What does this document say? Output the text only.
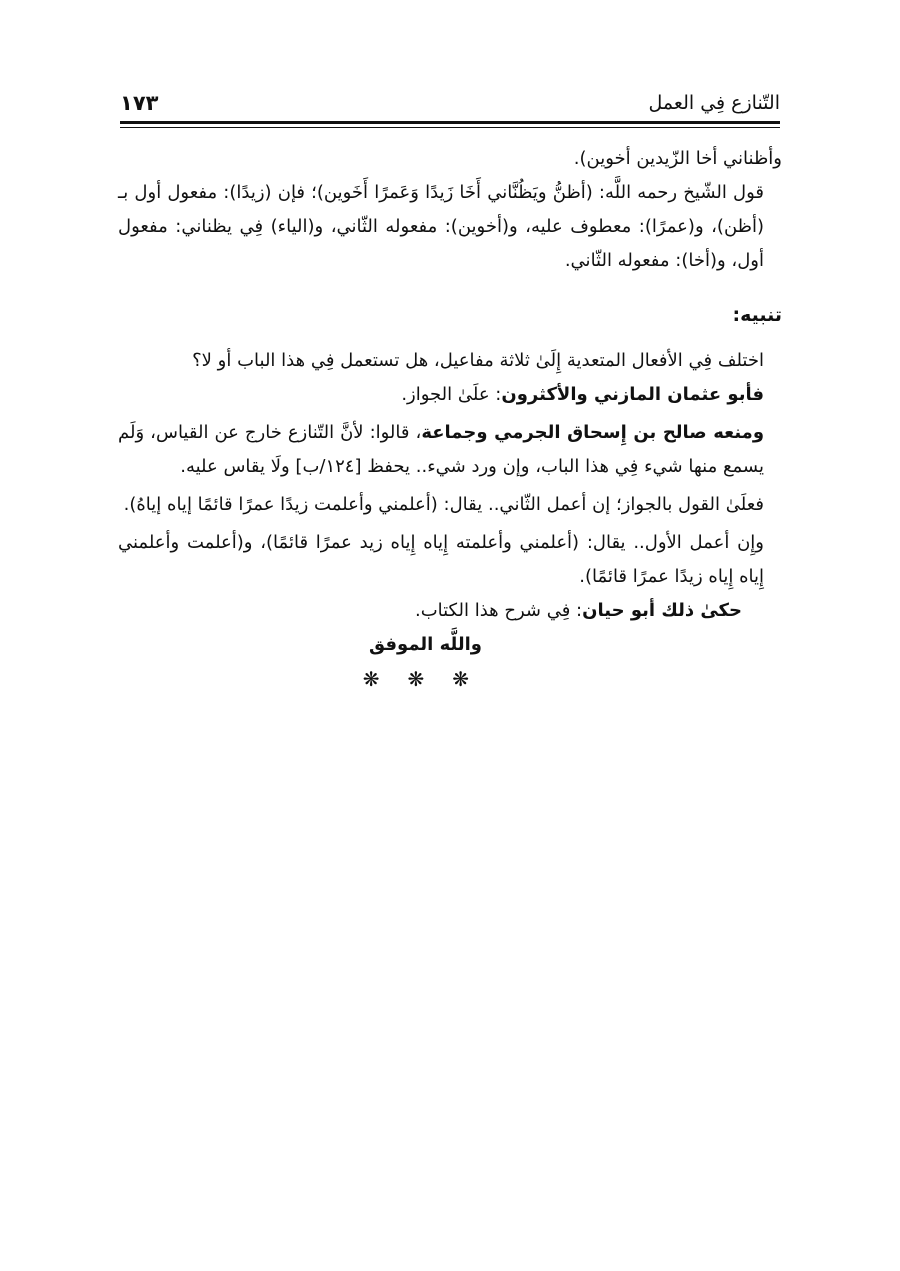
التّنازع فِي العمل
١٧٣

وأظناني أخا الزّيدين أخوين).

قول الشّيخ رحمه اللَّه: (أظنُّ ويَظُنَّاني أَخَا زَيدًا وَعَمرًا أَخَوين)؛ فإن (زيدًا): مفعول أول بـ (أظن)، و(عمرًا): معطوف عليه، و(أخوين): مفعوله الثّاني، و(الياء) فِي يظناني: مفعول أول، و(أخا): مفعوله الثّاني.

تنبيه:

اختلف فِي الأفعال المتعدية إِلَىٰ ثلاثة مفاعيل، هل تستعمل فِي هذا الباب أو لا؟

فأبو عثمان المازني والأكثرون: علَىٰ الجواز.

ومنعه صالح بن إِسحاق الجرمي وجماعة، قالوا: لأنَّ التّنازع خارج عن القياس، وَلَم يسمع منها شيء فِي هذا الباب، وإن ورد شيء.. يحفظ [١٢٤/ب] ولَا يقاس عليه.

فعلَىٰ القول بالجواز؛ إن أعمل الثّاني.. يقال: (أعلمني وأعلمت زيدًا عمرًا قائمًا إياه إياهُ).

وإِن أعمل الأول.. يقال: (أعلمني وأعلمته إِياه إِياه زيد عمرًا قائمًا)، و(أعلمت وأعلمني إِياه إِياه زيدًا عمرًا قائمًا).

حكىٰ ذلك أبو حيان: فِي شرح هذا الكتاب.

واللَّه الموفق

❋❋❋
